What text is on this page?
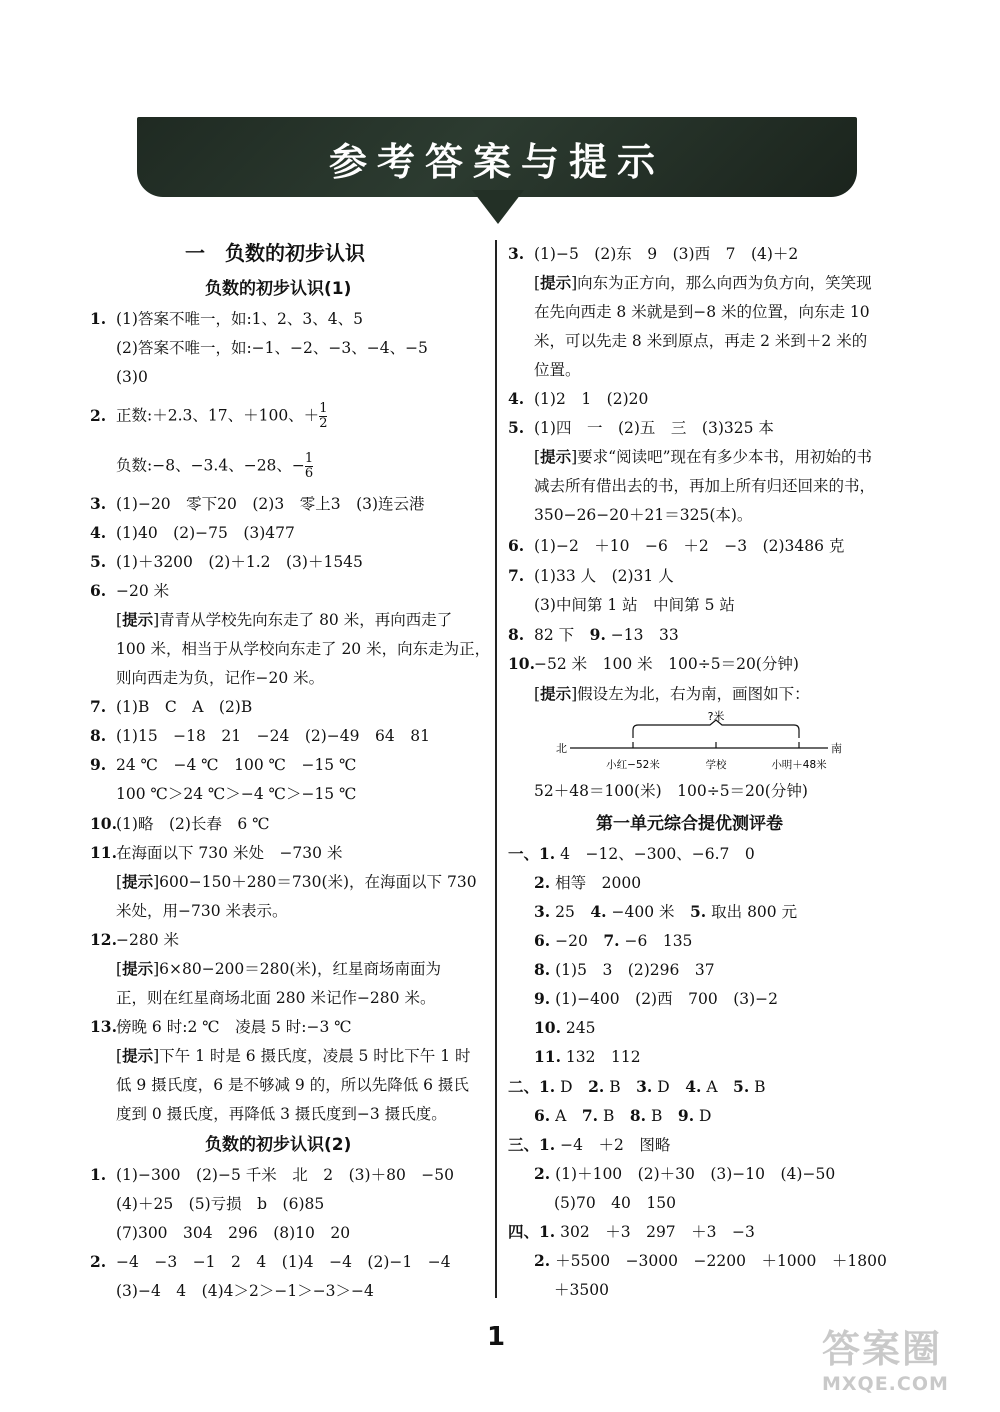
参考答案与提示
一　负数的初步认识
负数的初步认识(1)
1. (1)答案不唯一，如:1、2、3、4、5
(2)答案不唯一，如:−1、−2、−3、−4、−5
(3)0
2. 正数:＋2.3、17、＋100、＋ $\frac{1}{2}$
负数:−8、−3.4、−28、− $\frac{1}{6}$
3. (1)−20　零下20　(2)3　零上3　(3)连云港
4. (1)40　(2)−75　(3)477
5. (1)＋3200　(2)＋1.2　(3)＋1545
6. −20 米
[提示]青青从学校先向东走了 80 米，再向西走了
100 米，相当于从学校向东走了 20 米，向东走为正，
则向西走为负，记作−20 米。
7. (1)B　C　A　(2)B
8. (1)15　−18　21　−24　(2)−49　64　81
9. 24 ℃　−4 ℃　100 ℃　−15 ℃
100 ℃＞24 ℃＞−4 ℃＞−15 ℃
10.(1)略　(2)长春　6 ℃
11.在海面以下 730 米处　−730 米
[提示]600−150＋280＝730(米)，在海面以下 730
米处，用−730 米表示。
12.−280 米
[提示]6×80−200＝280(米)，红星商场南面为
正，则在红星商场北面 280 米记作−280 米。
13.傍晚 6 时:2 ℃　凌晨 5 时:−3 ℃
[提示]下午 1 时是 6 摄氏度，凌晨 5 时比下午 1 时
低 9 摄氏度，6 是不够减 9 的，所以先降低 6 摄氏
度到 0 摄氏度，再降低 3 摄氏度到−3 摄氏度。
负数的初步认识(2)
1. (1)−300　(2)−5 千米　北　2　(3)＋80　−50
(4)＋25　(5)亏损　b　(6)85
(7)300　304　296　(8)10　20
2. −4　−3　−1　2　4　(1)4　−4　(2)−1　−4
(3)−4　4　(4)4＞2＞−1＞−3＞−4
3. (1)−5　(2)东　9　(3)西　7　(4)＋2
[提示]向东为正方向，那么向西为负方向，笑笑现
在先向西走 8 米就是到−8 米的位置，向东走 10
米，可以先走 8 米到原点，再走 2 米到＋2 米的
位置。
4. (1)2　1　(2)20
5. (1)四　一　(2)五　三　(3)325 本
[提示]要求“阅读吧”现在有多少本书，用初始的书
减去所有借出去的书，再加上所有归还回来的书，
350−26−20＋21＝325(本)。
6. (1)−2　＋10　−6　＋2　−3　(2)3486 克
7. (1)33 人　(2)31 人
(3)中间第 1 站　中间第 5 站
8. 82 下　 9. −13　33
10.−52 米　100 米　100÷5＝20(分钟)
[提示]假设左为北，右为南，画图如下：
?米
北	南
小红−52米	学校	小明＋48米
52＋48＝100(米)　100÷5＝20(分钟)
第一单元综合提优测评卷
一、1. 4　−12、−300、−6.7　0
2. 相等　2000
3. 25　 4. −400 米　 5. 取出 800 元
6. −20　 7. −6　135
8. (1)5　3　(2)296　37
9. (1)−400　(2)西　700　(3)−2
10. 245
11. 132　112
二、1. D　 2. B　 3. D　 4. A　 5. B
6. A　 7. B　 8. B　 9. D
三、1. −4　＋2　图略
2. (1)＋100　(2)＋30　(3)−10　(4)−50
(5)70　40　150
四、1. 302　＋3　297　＋3　−3
2. ＋5500　−3000　−2200　＋1000　＋1800
＋3500
1	答案圈
MXQE.COM
